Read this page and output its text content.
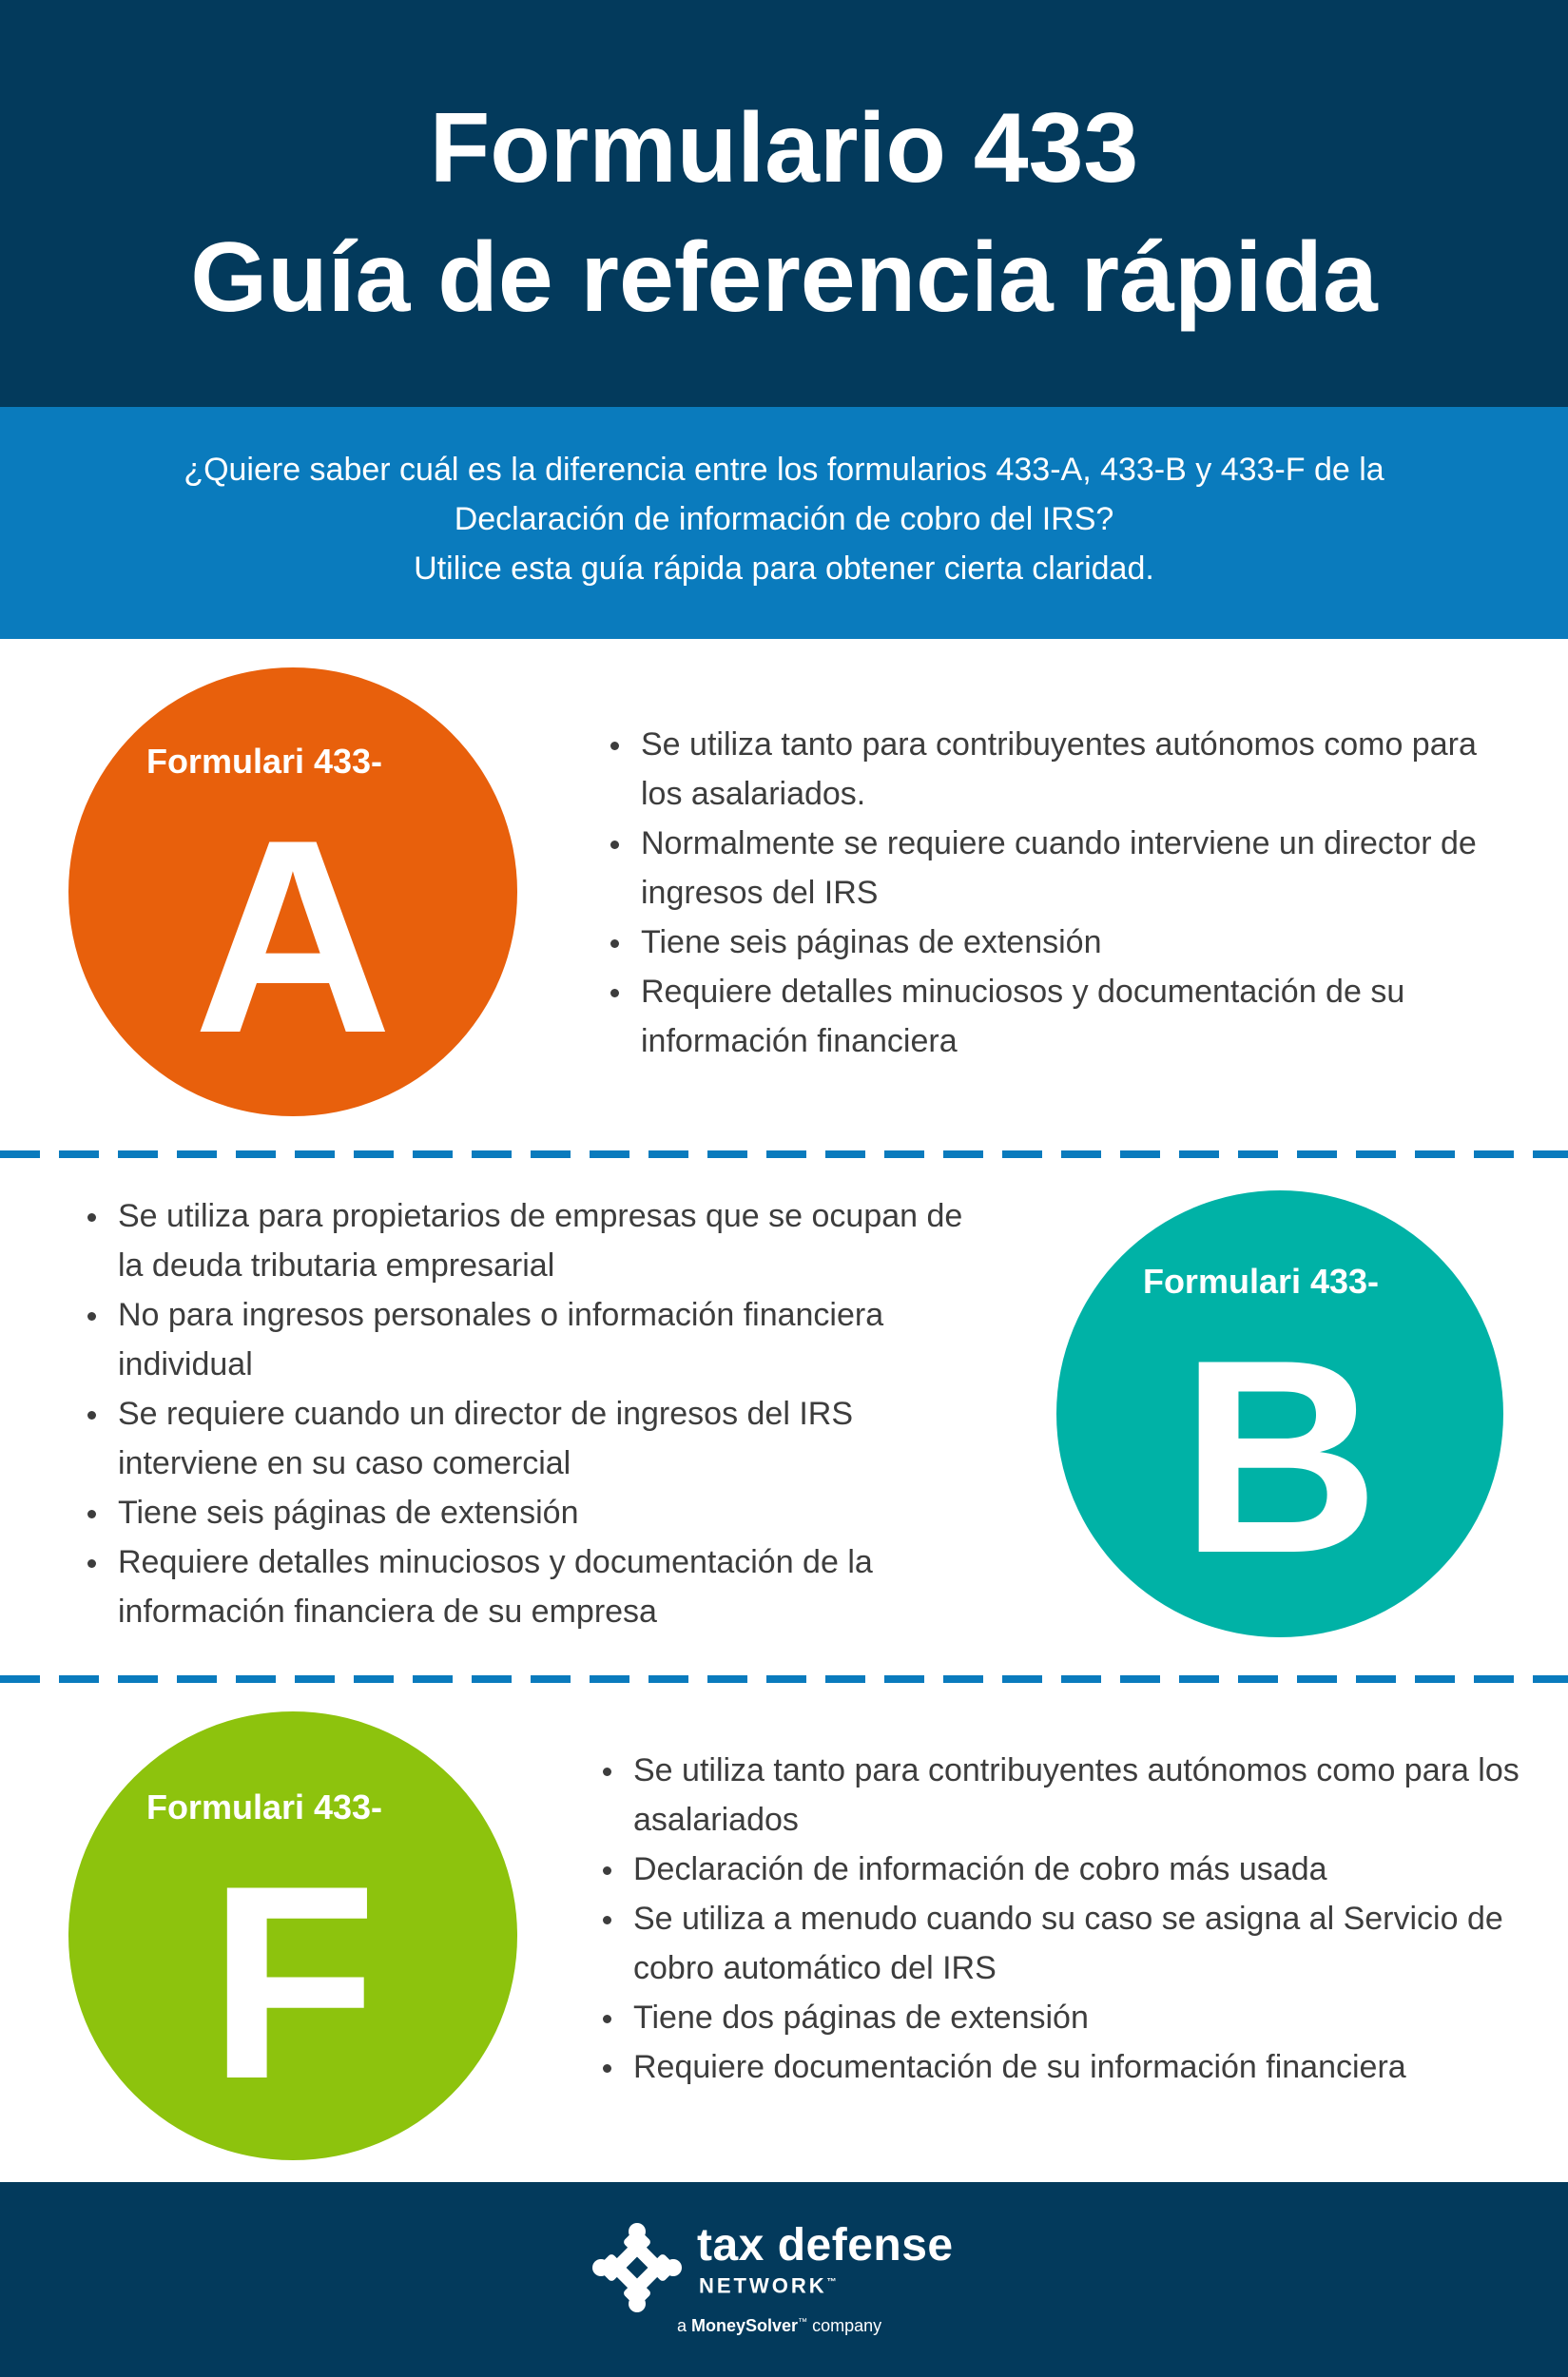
Formulario 433
Guía de referencia rápida
¿Quiere saber cuál es la diferencia entre los formularios 433-A, 433-B y 433-F de la
Declaración de información de cobro del IRS?
Utilice esta guía rápida para obtener cierta claridad.
Formulari 433-
A
Se utiliza tanto para contribuyentes autónomos como para los asalariados.
Normalmente se requiere cuando interviene un director de ingresos del IRS
Tiene seis páginas de extensión
Requiere detalles minuciosos y documentación de su información financiera
Se utiliza para propietarios de empresas que se ocupan de la deuda tributaria empresarial
No para ingresos personales o información financiera individual
Se requiere cuando un director de ingresos del IRS interviene en su caso comercial
Tiene seis páginas de extensión
Requiere detalles minuciosos y documentación de la información financiera de su empresa
Formulari 433-
B
Formulari 433-
F
Se utiliza tanto para contribuyentes autónomos como para los asalariados
Declaración de información de cobro más usada
Se utiliza a menudo cuando su caso se asigna al Servicio de cobro automático del IRS
Tiene dos páginas de extensión
Requiere documentación de su información financiera
tax defense
NETWORK™
a MoneySolver™ company
